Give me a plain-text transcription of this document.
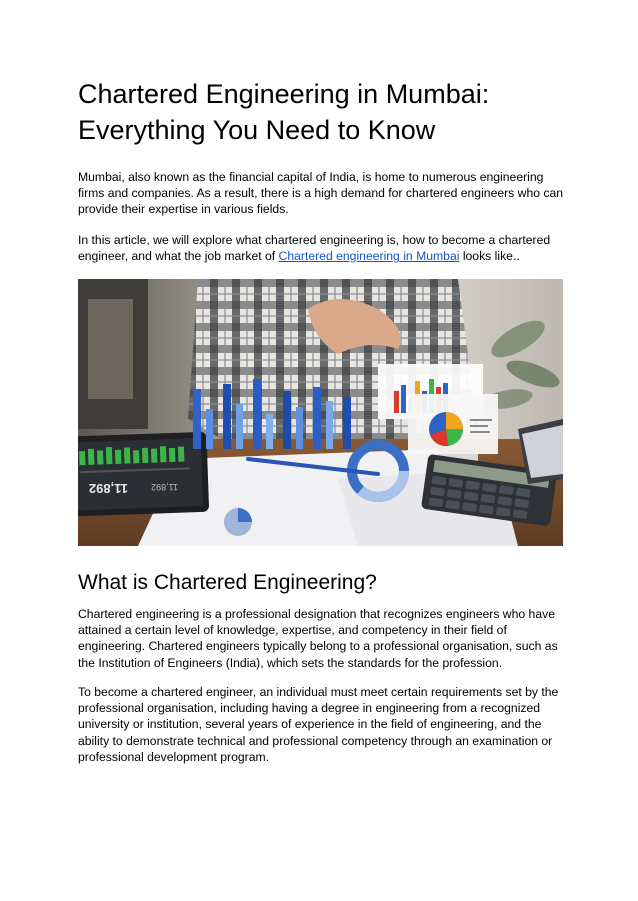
Chartered Engineering in Mumbai:
Everything You Need to Know

Mumbai, also known as the financial capital of India, is home to numerous engineering firms and companies. As a result, there is a high demand for chartered engineers who can provide their expertise in various fields.

In this article, we will explore what chartered engineering is, how to become a chartered engineer, and what the job market of Chartered engineering in Mumbai looks like..

11,892	11,892
What is Chartered Engineering?

Chartered engineering is a professional designation that recognizes engineers who have attained a certain level of knowledge, expertise, and competency in their field of engineering. Chartered engineers typically belong to a professional organisation, such as the Institution of Engineers (India), which sets the standards for the profession.

To become a chartered engineer, an individual must meet certain requirements set by the professional organisation, including having a degree in engineering from a recognized university or institution, several years of experience in the field of engineering, and the ability to demonstrate technical and professional competency through an examination or professional development program.
